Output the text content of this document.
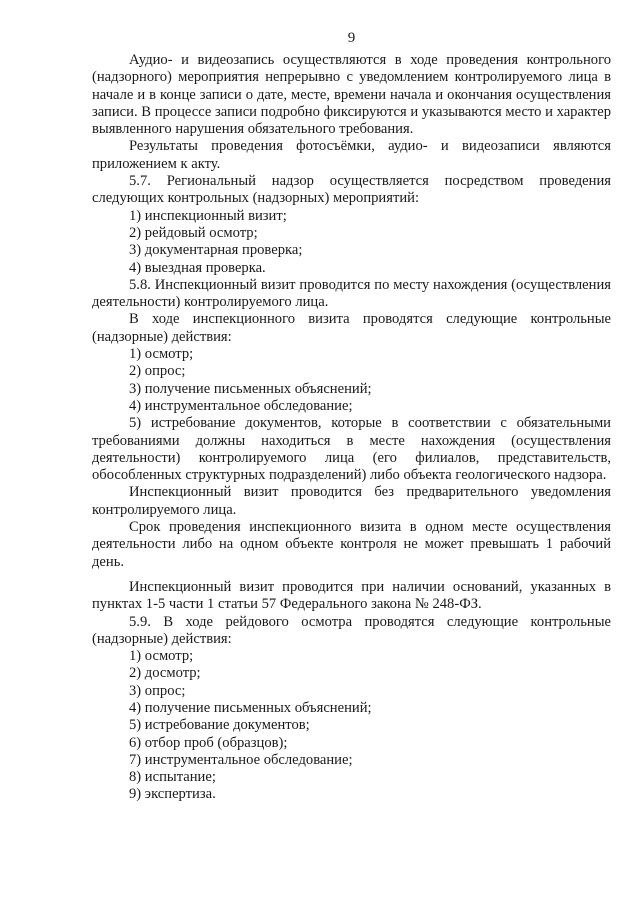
9

Аудио- и видеозапись осуществляются в ходе проведения контрольного (надзорного) мероприятия непрерывно с уведомлением контролируемого лица в начале и в конце записи о дате, месте, времени начала и окончания осуществления записи. В процессе записи подробно фиксируются и указываются место и характер выявленного нарушения обязательного требования.

Результаты проведения фотосъёмки, аудио- и видеозаписи являются приложением к акту.

5.7. Региональный надзор осуществляется посредством проведения следующих контрольных (надзорных) мероприятий:

1) инспекционный визит;

2) рейдовый осмотр;

3) документарная проверка;

4) выездная проверка.

5.8. Инспекционный визит проводится по месту нахождения (осуществления деятельности) контролируемого лица.

В ходе инспекционного визита проводятся следующие контрольные (надзорные) действия:

1) осмотр;

2) опрос;

3) получение письменных объяснений;

4) инструментальное обследование;

5) истребование документов, которые в соответствии с обязательными требованиями должны находиться в месте нахождения (осуществления деятельности) контролируемого лица (его филиалов, представительств, обособленных структурных подразделений) либо объекта геологического надзора.

Инспекционный визит проводится без предварительного уведомления контролируемого лица.

Срок проведения инспекционного визита в одном месте осуществления деятельности либо на одном объекте контроля не может превышать 1 рабочий день.

Инспекционный визит проводится при наличии оснований, указанных в пунктах 1-5 части 1 статьи 57 Федерального закона № 248-ФЗ.

5.9. В ходе рейдового осмотра проводятся следующие контрольные (надзорные) действия:

1) осмотр;

2) досмотр;

3) опрос;

4) получение письменных объяснений;

5) истребование документов;

6) отбор проб (образцов);

7) инструментальное обследование;

8) испытание;

9) экспертиза.
